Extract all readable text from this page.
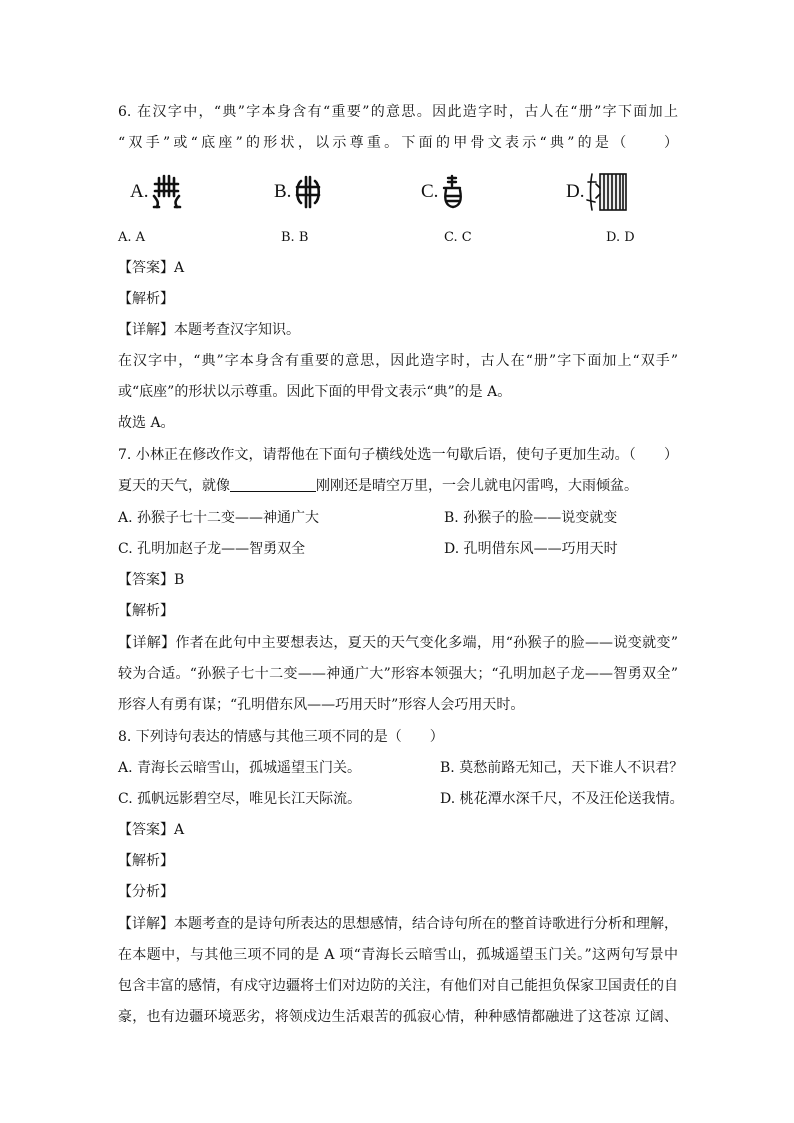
6. 在汉字中，“典”字本身含有“重要”的意思。因此造字时，古人在“册”字下面加上
“双手”或“底座”的形状，以示尊重。下面的甲骨文表示“典”的是（　　）
A.	B.	C.	D.
A. A	B. B	C. C	D. D
【答案】A
【解析】
【详解】本题考查汉字知识。
在汉字中，“典”字本身含有重要的意思，因此造字时，古人在“册”字下面加上“双手”
或“底座”的形状以示尊重。因此下面的甲骨文表示“典”的是 A。
故选 A。
7. 小林正在修改作文，请帮他在下面句子横线处选一句歇后语，使句子更加生动。（　　）
夏天的天气，就像	刚刚还是晴空万里，一会儿就电闪雷鸣，大雨倾盆。
A. 孙猴子七十二变——神通广大	B. 孙猴子的脸——说变就变
C. 孔明加赵子龙——智勇双全	D. 孔明借东风——巧用天时
【答案】B
【解析】
【详解】作者在此句中主要想表达，夏天的天气变化多端，用“孙猴子的脸——说变就变”
较为合适。“孙猴子七十二变——神通广大”形容本领强大；“孔明加赵子龙——智勇双全”
形容人有勇有谋；“孔明借东风——巧用天时”形容人会巧用天时。
8. 下列诗句表达的情感与其他三项不同的是（　　）
A. 青海长云暗雪山，孤城遥望玉门关。	B. 莫愁前路无知己，天下谁人不识君？
C. 孤帆远影碧空尽，唯见长江天际流。	D. 桃花潭水深千尺，不及汪伦送我情。
【答案】A
【解析】
【分析】
【详解】本题考查的是诗句所表达的思想感情，结合诗句所在的整首诗歌进行分析和理解，
在本题中，与其他三项不同的是 A 项“青海长云暗雪山，孤城遥望玉门关。”这两句写景中
包含丰富的感情，有戍守边疆将士们对边防的关注，有他们对自己能担负保家卫国责任的自
豪，也有边疆环境恶劣，将领戍边生活艰苦的孤寂心情，种种感情都融进了这苍凉 辽阔、
